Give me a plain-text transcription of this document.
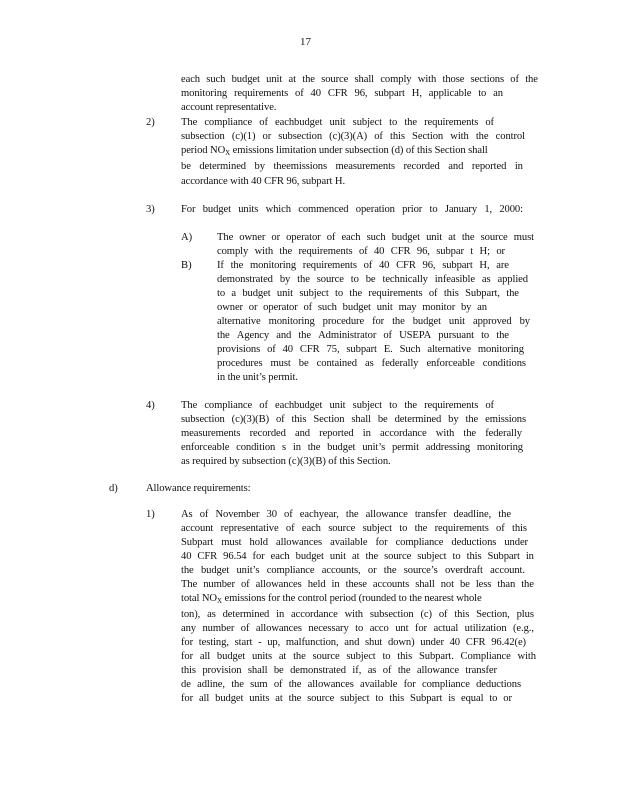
17
each such budget unit at the source shall comply with those sections of the
monitoring requirements of 40 CFR 96, subpart H, applicable to an
account representative.
2) The compliance of eachbudget unit subject to the requirements of
subsection (c)(1) or subsection (c)(3)(A) of this Section with the control
period $NO_X$ emissions limitation under subsection (d) of this Section shall
be determined by theemissions measurements recorded and reported in
accordance with 40 CFR 96, subpart H.
3) For budget units which commenced operation prior to January 1, 2000:
A) The owner or operator of each such budget unit at the source must
comply with the requirements of 40 CFR 96, subpar t H; or
B) If the monitoring requirements of 40 CFR 96, subpart H, are
demonstrated by the source to be technically infeasible as applied
to a budget unit subject to the requirements of this Subpart, the
owner or operator of such budget unit may monitor by an
alternative monitoring procedure for the budget unit approved by
the Agency and the Administrator of USEPA pursuant to the
provisions of 40 CFR 75, subpart E. Such alternative monitoring
procedures must be contained as federally enforceable conditions
in the unit’s permit.
4) The compliance of eachbudget unit subject to the requirements of
subsection (c)(3)(B) of this Section shall be determined by the emissions
measurements recorded and reported in accordance with the federally
enforceable condition s in the budget unit’s permit addressing monitoring
as required by subsection (c)(3)(B) of this Section.
d)	Allowance requirements:
1) As of November 30 of eachyear, the allowance transfer deadline, the
account representative of each source subject to the requirements of this
Subpart must hold allowances available for compliance deductions under
40 CFR 96.54 for each budget unit at the source subject to this Subpart in
the budget unit’s compliance accounts, or the source’s overdraft account.
The number of allowances held in these accounts shall not be less than the
total $NO_X$ emissions for the control period (rounded to the nearest whole
ton), as determined in accordance with subsection (c) of this Section, plus
any number of allowances necessary to acco unt for actual utilization (e.g.,
for testing, start - up, malfunction, and shut down) under 40 CFR 96.42(e)
for all budget units at the source subject to this Subpart. Compliance with
this provision shall be demonstrated if, as of the allowance transfer
de adline, the sum of the allowances available for compliance deductions
for all budget units at the source subject to this Subpart is equal to or
